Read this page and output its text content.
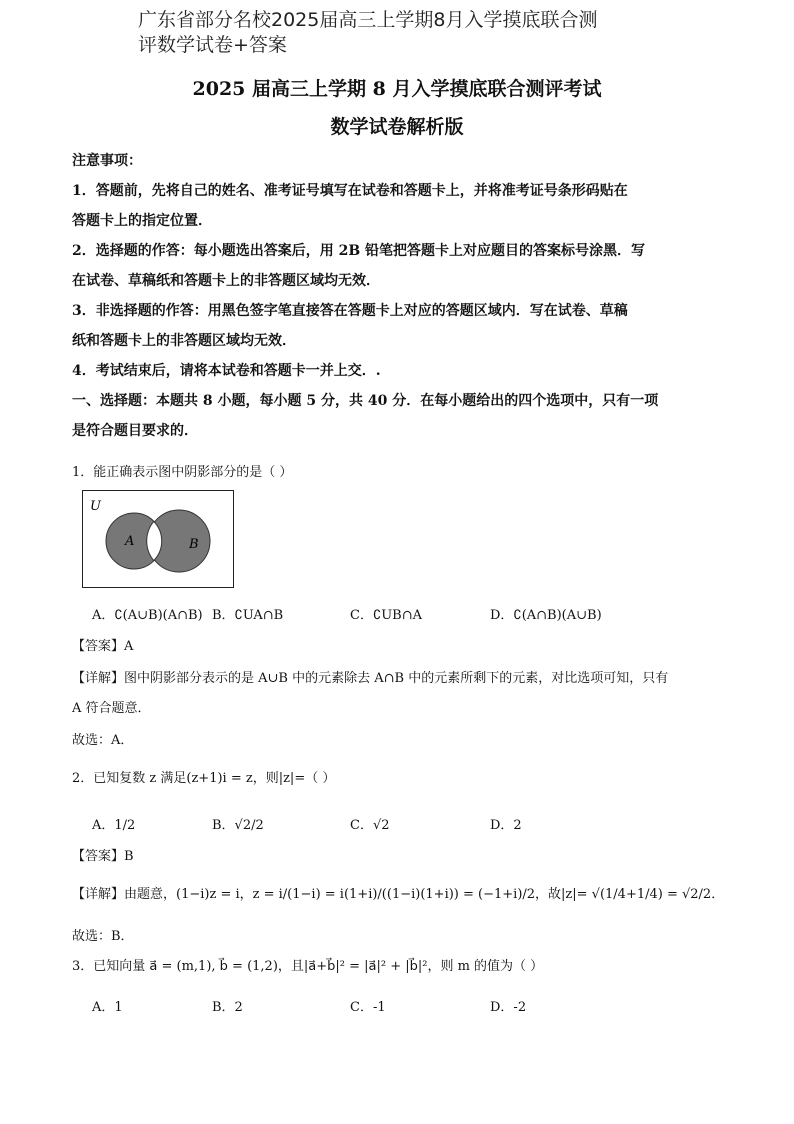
广东省部分名校2025届高三上学期8月入学摸底联合测
评数学试卷+答案
2025 届高三上学期 8 月入学摸底联合测评考试
数学试卷解析版
注意事项：
1．答题前，先将自己的姓名、准考证号填写在试卷和答题卡上，并将准考证号条形码贴在
答题卡上的指定位置．
2．选择题的作答：每小题选出答案后，用 2B 铅笔把答题卡上对应题目的答案标号涂黑．写
在试卷、草稿纸和答题卡上的非答题区域均无效．
3．非选择题的作答：用黑色签字笔直接答在答题卡上对应的答题区域内．写在试卷、草稿
纸和答题卡上的非答题区域均无效．
4．考试结束后，请将本试卷和答题卡一并上交．.
一、选择题：本题共 8 小题，每小题 5 分，共 40 分．在每小题给出的四个选项中，只有一项
是符合题目要求的．
1．能正确表示图中阴影部分的是（ ）
U
A	B
A．∁(A∪B)(A∩B) B．∁UA∩B	C．∁UB∩A	D．∁(A∩B)(A∪B)
【答案】A
【详解】图中阴影部分表示的是 A∪B 中的元素除去 A∩B 中的元素所剩下的元素，对比选项可知，只有
A 符合题意．
故选：A．
2．已知复数 z 满足(z+1)i = z，则|z|=（ ）
A．1/2	B．√2/2	C．√2	D．2
【答案】B
【详解】由题意，(1−i)z = i，z = i/(1−i) = i(1+i)/((1−i)(1+i)) = (−1+i)/2，故|z|= √(1/4+1/4) = √2/2．
故选：B．
3．已知向量 a⃗ = (m,1), b⃗ = (1,2)，且|a⃗+b⃗|² = |a⃗|² + |b⃗|²，则 m 的值为（ ）
A．1	B．2	C．-1	D．-2
